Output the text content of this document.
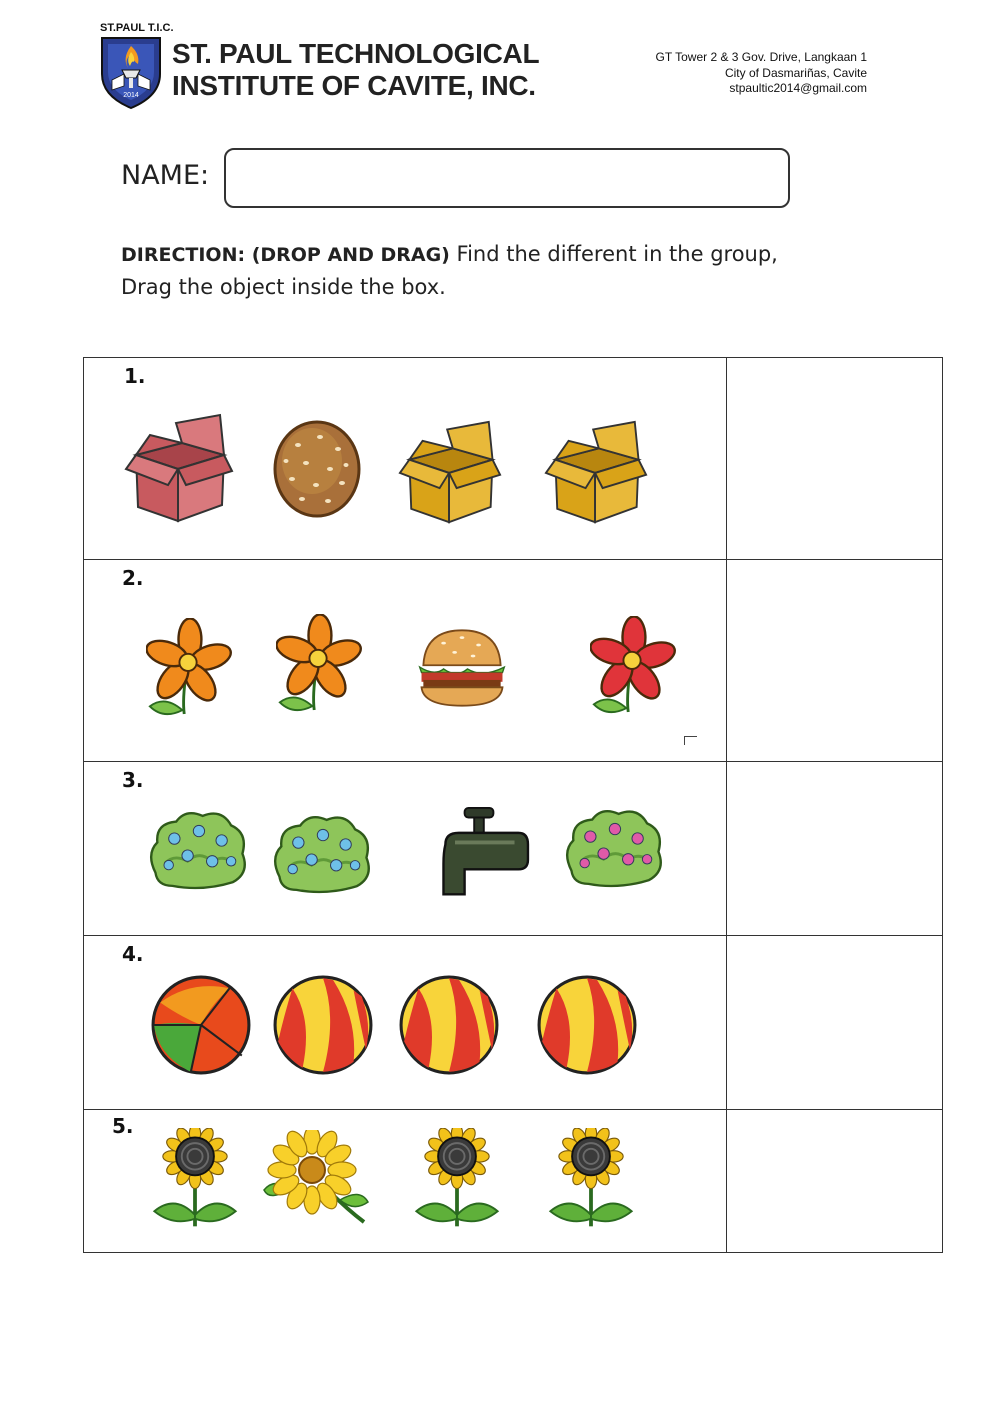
ST.PAUL T.I.C.
2014
ST. PAUL TECHNOLOGICAL
INSTITUTE OF CAVITE, INC.
GT Tower 2 & 3 Gov. Drive, Langkaan 1
City of Dasmariñas, Cavite
stpaultic2014@gmail.com
NAME:
DIRECTION: (DROP AND DRAG) Find the different in the group,
Drag the object inside the box.
1.
2.
3.
4.
5.
